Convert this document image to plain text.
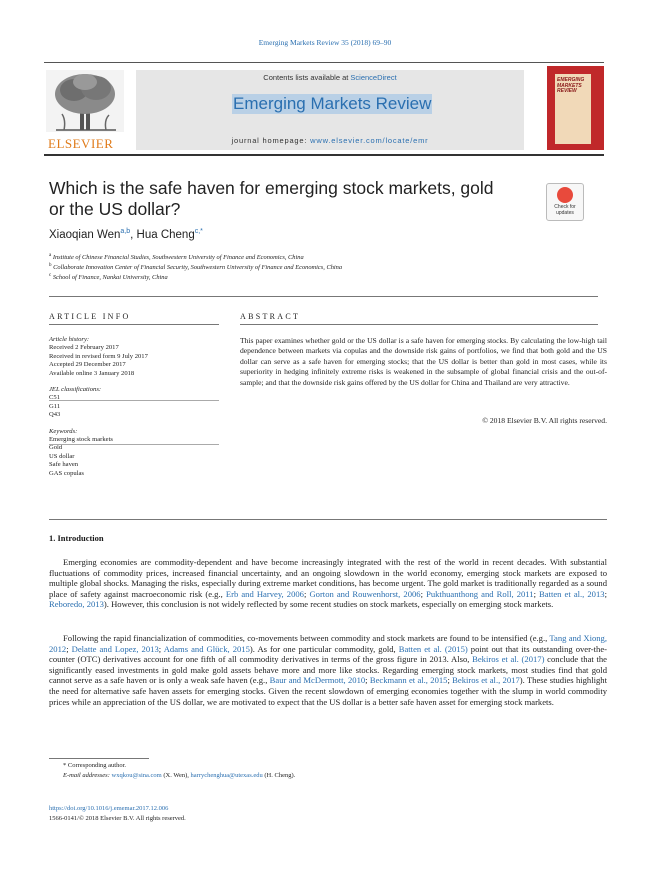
Emerging Markets Review 35 (2018) 69–90
ELSEVIER
Contents lists available at ScienceDirect
Emerging Markets Review
journal homepage: www.elsevier.com/locate/emr
EMERGING MARKETS REVIEW
Which is the safe haven for emerging stock markets, gold or the US dollar?	Check for updates
Xiaoqian Wen$^{a,b}$, Hua Cheng$^{c,*}$
$^a$ Institute of Chinese Financial Studies, Southwestern University of Finance and Economics, China
$^b$ Collaborate Innovation Center of Financial Security, Southwestern University of Finance and Economics, China
$^c$ School of Finance, Nankai University, China
ARTICLE INFO	ABSTRACT
Article history:
Received 2 February 2017
Received in revised form 9 July 2017
Accepted 29 December 2017
Available online 3 January 2018
JEL classifications:
C51
G11
Q43
Keywords:
Emerging stock markets
Gold
US dollar
Safe haven
GAS copulas
This paper examines whether gold or the US dollar is a safe haven for emerging stocks. By calculating the low-high tail dependence between markets via copulas and the downside risk gains of portfolios, we find that both gold and the US dollar can serve as a safe haven for emerging stocks; that the US dollar is better than gold in most cases, while its superiority in hedging infinitely extreme risks is weakened in the subsample of global financial crisis and the out-of-sample; and that the downside risk gains offered by the US dollar for China and Thailand are very attractive.
© 2018 Elsevier B.V. All rights reserved.
1. Introduction
Emerging economies are commodity-dependent and have become increasingly integrated with the rest of the world in recent decades. With substantial fluctuations of commodity prices, increased financial uncertainty, and an ongoing slowdown in the world economy, emerging stock markets are exposed to multiple global shocks. Managing the risks, especially during extreme market conditions, has become urgent. The gold market is traditionally regarded as a sound place of safety against macroeconomic risk (e.g., Erb and Harvey, 2006; Gorton and Rouwenhorst, 2006; Pukthuanthong and Roll, 2011; Batten et al., 2013; Reboredo, 2013). However, this conclusion is not widely reflected by some recent studies on stock markets, especially on emerging stock markets.
Following the rapid financialization of commodities, co-movements between commodity and stock markets are found to be intensified (e.g., Tang and Xiong, 2012; Delatte and Lopez, 2013; Adams and Glück, 2015). As for one particular commodity, gold, Batten et al. (2015) point out that its outstanding over-the-counter (OTC) derivatives account for one fifth of all commodity derivatives in terms of the gross figure in 2013. Also, Bekiros et al. (2017) conclude that the significantly eased investments in gold make gold assets behave more and more like stocks. Regarding emerging stock markets, most studies find that gold cannot serve as a safe haven or is only a weak safe haven (e.g., Baur and McDermott, 2010; Beckmann et al., 2015; Bekiros et al., 2017). These studies highlight the need for alternative safe haven assets for emerging stocks. Given the recent slowdown of emerging economies together with the slump in world commodity prices while an appreciation of the US dollar, we are motivated to expect that the US dollar is a better safe haven asset for emerging stock markets.
* Corresponding author.
E-mail addresses: wxqkou@sina.com (X. Wen), harrychenghua@utexas.edu (H. Cheng).
https://doi.org/10.1016/j.ememar.2017.12.006
1566-0141/© 2018 Elsevier B.V. All rights reserved.
